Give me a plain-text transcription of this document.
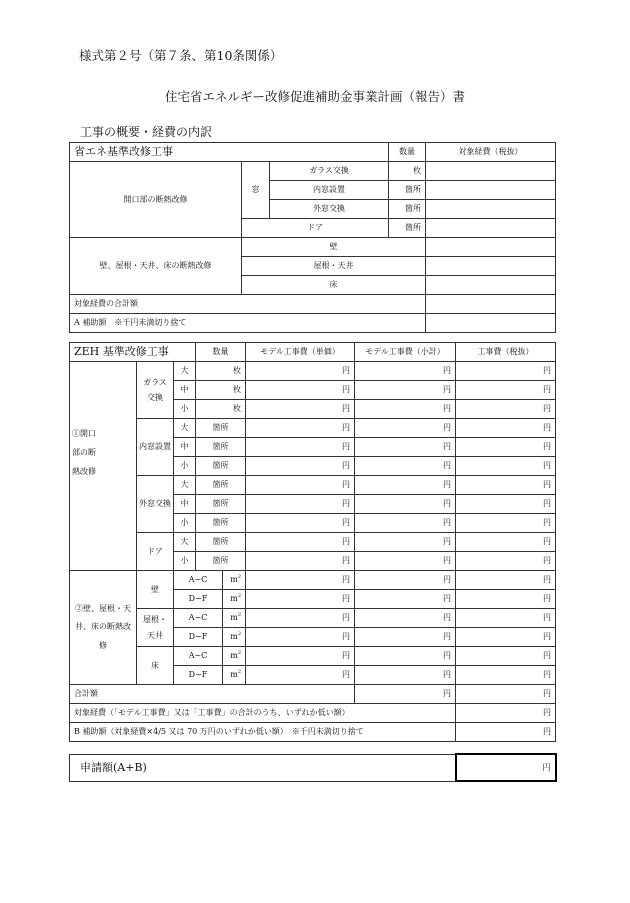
様式第２号（第７条、第10条関係）
住宅省エネルギー改修促進補助金事業計画（報告）書
工事の概要・経費の内訳
省エネ基準改修工事			数量	対象経費（税抜）
開口部の断熱改修	窓	ガラス交換	枚	
		内窓設置	箇所	
		外窓交換	箇所	
	ドア		箇所	
壁、屋根・天井、床の断熱改修	壁			
	屋根・天井			
	床			
対象経費の合計額				
A 補助額　※千円未満切り捨て				
ZEH 基準改修工事	数量	モデル工事費（単価）	モデル工事費（小計）	工事費（税抜）

①開口
部の断
熱改修

ガラス
交換
	大	枚	円	円	円
中	枚	円	円	円
小	枚	円	円	円
内窓設置	大	箇所	円	円	円
中	箇所	円	円	円
小	箇所	円	円	円
外窓交換	大	箇所	円	円	円
中	箇所	円	円	円
小	箇所	円	円	円
ドア	大	箇所	円	円	円
小	箇所	円	円	円

②壁、屋根・天
井、床の断熱改
修
	壁	A~C	$m^2$	円	円	円
D~F	$m^2$	円	円	円

屋根・
天井
	A~C	$m^2$	円	円	円
D~F	$m^2$	円	円	円
床	A~C	$m^2$	円	円	円
D~F	$m^2$	円	円	円
合計額	円	円
対象経費（「モデル工事費」又は「工事費」の合計のうち、いずれか低い額）	円
B 補助額（対象経費×4/5 又は 70 万円のいずれか低い額）　※千円未満切り捨て	円
申請額(A+B)	円
